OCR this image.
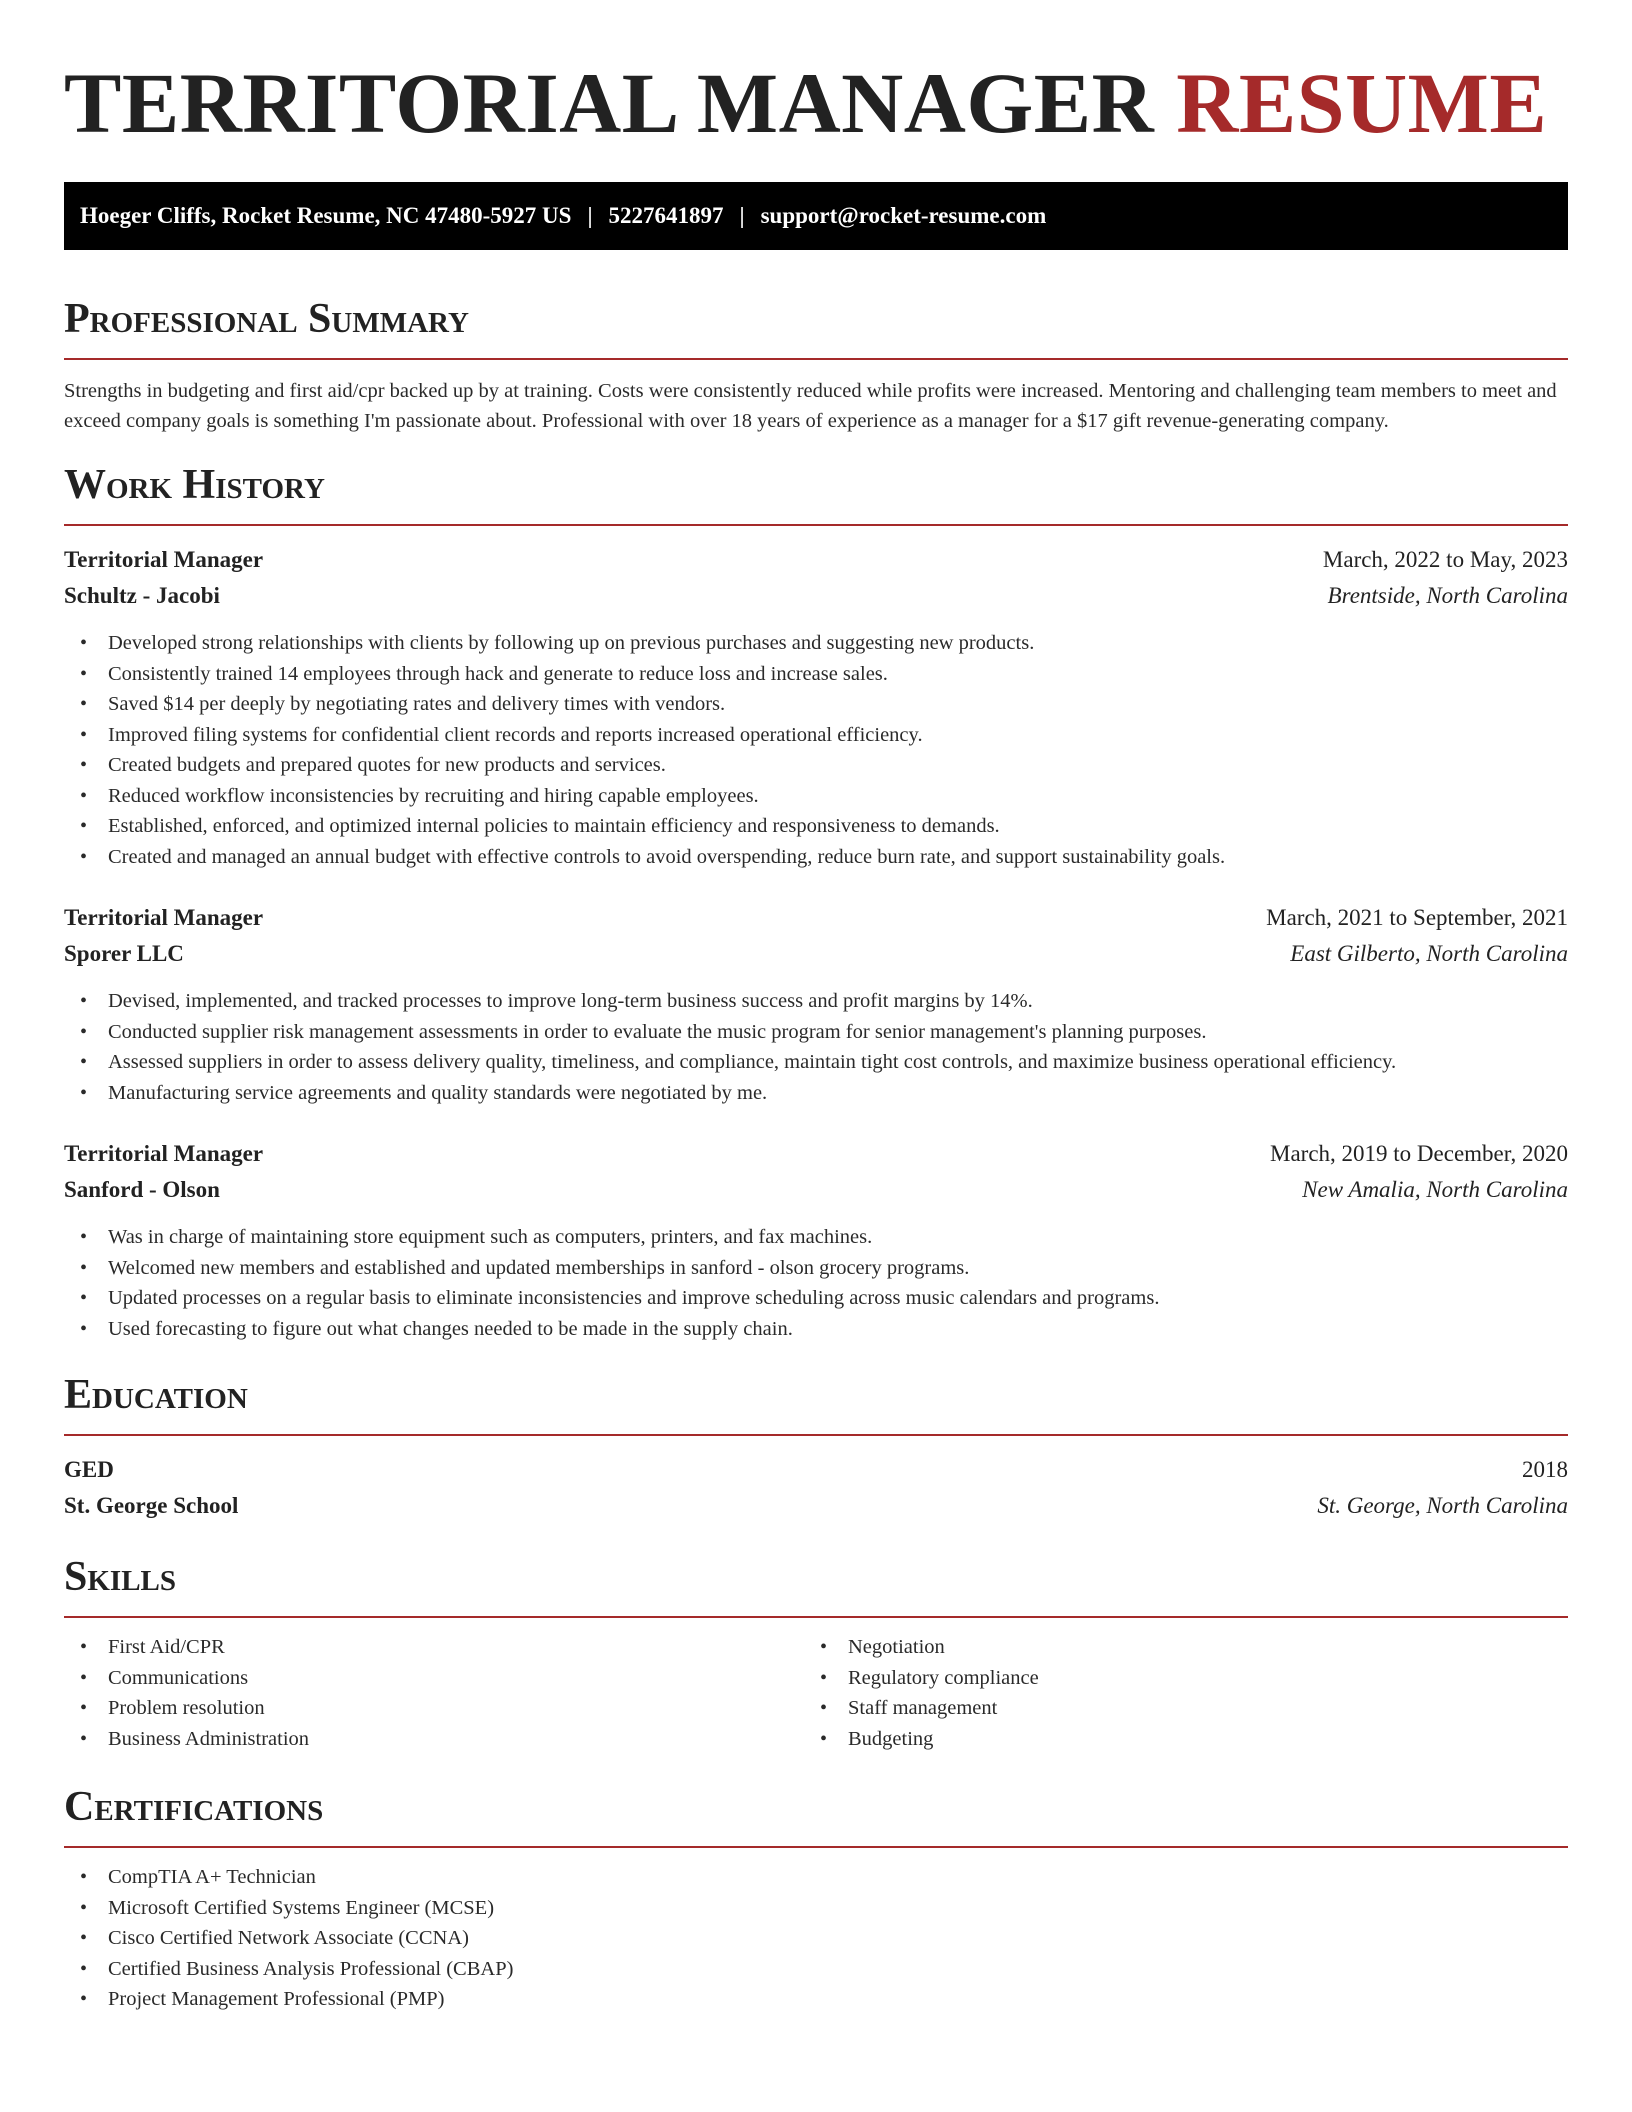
TERRITORIAL MANAGER RESUME
Hoeger Cliffs, Rocket Resume, NC 47480-5927 US | 5227641897 | support@rocket-resume.com
Professional Summary

Strengths in budgeting and first aid/cpr backed up by at training. Costs were consistently reduced while profits were increased. Mentoring and challenging team members to meet and exceed company goals is something I'm passionate about. Professional with over 18 years of experience as a manager for a $17 gift revenue-generating company.

Work History
Territorial Manager	March, 2022 to May, 2023
Schultz - Jacobi	Brentside, North Carolina
• Developed strong relationships with clients by following up on previous purchases and suggesting new products.
• Consistently trained 14 employees through hack and generate to reduce loss and increase sales.
• Saved $14 per deeply by negotiating rates and delivery times with vendors.
• Improved filing systems for confidential client records and reports increased operational efficiency.
• Created budgets and prepared quotes for new products and services.
• Reduced workflow inconsistencies by recruiting and hiring capable employees.
• Established, enforced, and optimized internal policies to maintain efficiency and responsiveness to demands.
• Created and managed an annual budget with effective controls to avoid overspending, reduce burn rate, and support sustainability goals.
Territorial Manager	March, 2021 to September, 2021
Sporer LLC	East Gilberto, North Carolina
• Devised, implemented, and tracked processes to improve long-term business success and profit margins by 14%.
• Conducted supplier risk management assessments in order to evaluate the music program for senior management's planning purposes.
• Assessed suppliers in order to assess delivery quality, timeliness, and compliance, maintain tight cost controls, and maximize business operational efficiency.
• Manufacturing service agreements and quality standards were negotiated by me.
Territorial Manager	March, 2019 to December, 2020
Sanford - Olson	New Amalia, North Carolina
• Was in charge of maintaining store equipment such as computers, printers, and fax machines.
• Welcomed new members and established and updated memberships in sanford - olson grocery programs.
• Updated processes on a regular basis to eliminate inconsistencies and improve scheduling across music calendars and programs.
• Used forecasting to figure out what changes needed to be made in the supply chain.
Education
GED	2018
St. George School	St. George, North Carolina
Skills
• First Aid/CPR
• Communications
• Problem resolution
• Business Administration
• Negotiation
• Regulatory compliance
• Staff management
• Budgeting
Certifications
• CompTIA A+ Technician
• Microsoft Certified Systems Engineer (MCSE)
• Cisco Certified Network Associate (CCNA)
• Certified Business Analysis Professional (CBAP)
• Project Management Professional (PMP)
